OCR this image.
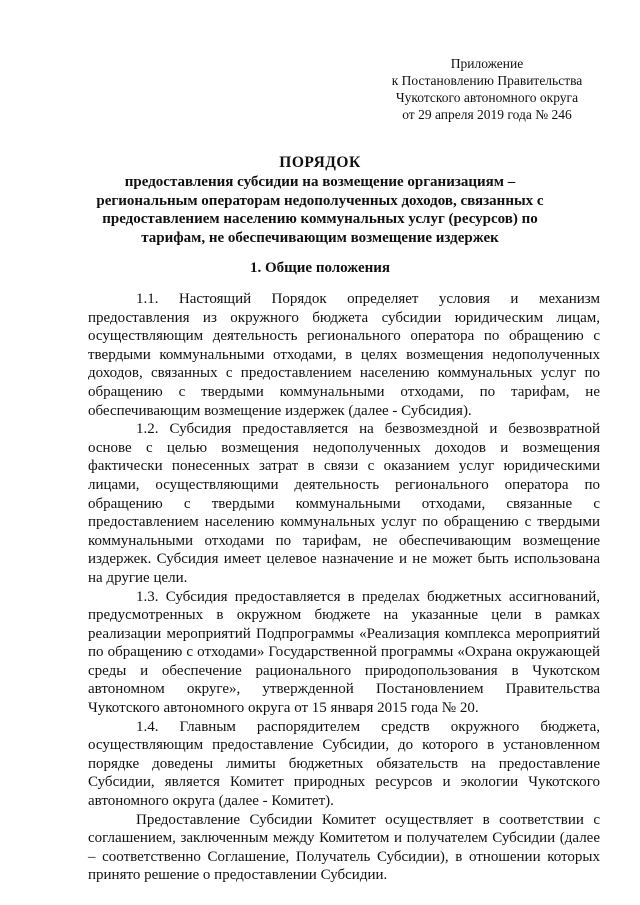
Приложение
к Постановлению Правительства
Чукотского автономного округа
от 29 апреля 2019 года № 246
ПОРЯДОК
предоставления субсидии на возмещение организациям – региональным операторам недополученных доходов, связанных с предоставлением населению коммунальных услуг (ресурсов) по тарифам, не обеспечивающим возмещение издержек
1. Общие положения

1.1. Настоящий Порядок определяет условия и механизм предоставления из окружного бюджета субсидии юридическим лицам, осуществляющим деятельность регионального оператора по обращению с твердыми коммунальными отходами, в целях возмещения недополученных доходов, связанных с предоставлением населению коммунальных услуг по обращению с твердыми коммунальными отходами, по тарифам, не обеспечивающим возмещение издержек (далее - Субсидия).

1.2. Субсидия предоставляется на безвозмездной и безвозвратной основе с целью возмещения недополученных доходов и возмещения фактически понесенных затрат в связи с оказанием услуг юридическими лицами, осуществляющими деятельность регионального оператора по обращению с твердыми коммунальными отходами, связанные с предоставлением населению коммунальных услуг по обращению с твердыми коммунальными отходами по тарифам, не обеспечивающим возмещение издержек. Субсидия имеет целевое назначение и не может быть использована на другие цели.

1.3. Субсидия предоставляется в пределах бюджетных ассигнований, предусмотренных в окружном бюджете на указанные цели в рамках реализации мероприятий Подпрограммы «Реализация комплекса мероприятий по обращению с отходами» Государственной программы «Охрана окружающей среды и обеспечение рационального природопользования в Чукотском автономном округе», утвержденной Постановлением Правительства Чукотского автономного округа от 15 января 2015 года № 20.

1.4. Главным распорядителем средств окружного бюджета, осуществляющим предоставление Субсидии, до которого в установленном порядке доведены лимиты бюджетных обязательств на предоставление Субсидии, является Комитет природных ресурсов и экологии Чукотского автономного округа (далее - Комитет).

Предоставление Субсидии Комитет осуществляет в соответствии с соглашением, заключенным между Комитетом и получателем Субсидии (далее – соответственно Соглашение, Получатель Субсидии), в отношении которых принято решение о предоставлении Субсидии.
